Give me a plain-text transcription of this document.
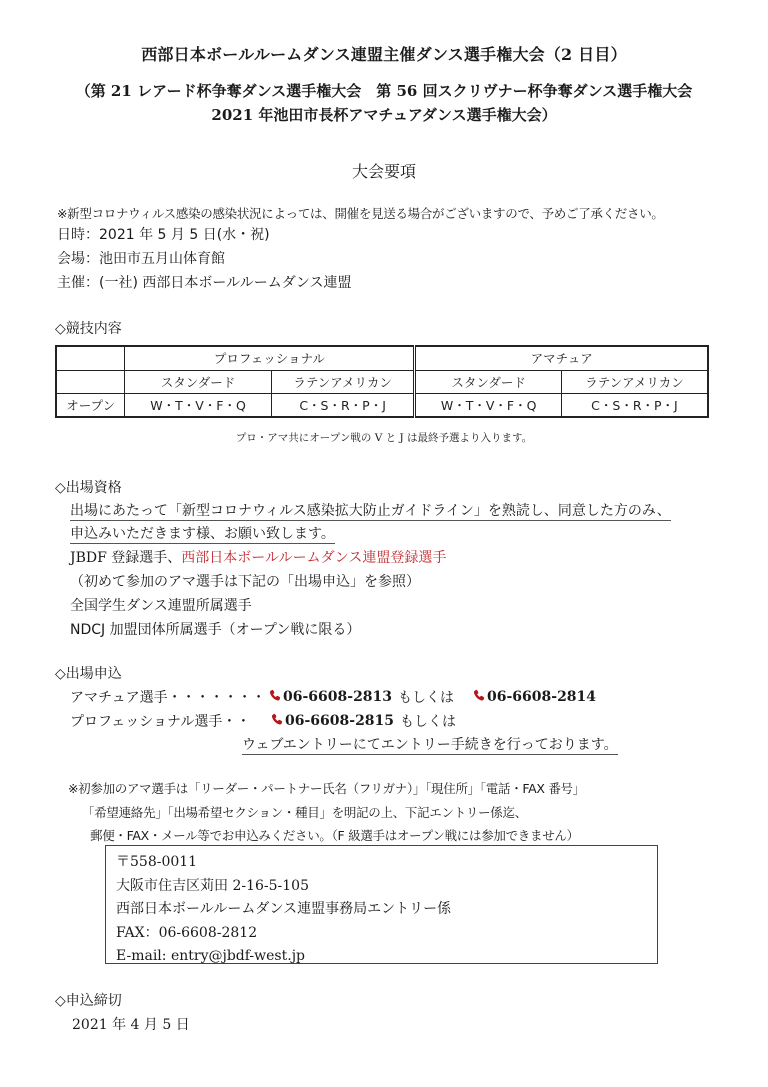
西部日本ボールルームダンス連盟主催ダンス選手権大会（2 日目）
（第 21 レアード杯争奪ダンス選手権大会　第 56 回スクリヴナー杯争奪ダンス選手権大会
2021 年池田市長杯アマチュアダンス選手権大会）
大会要項
※新型コロナウィルス感染の感染状況によっては、開催を見送る場合がございますので、予めご了承ください。
日時：2021 年 5 月 5 日(水・祝)
会場：池田市五月山体育館
主催：(一社) 西部日本ボールルームダンス連盟
◇競技内容
	プロフェッショナル		アマチュア	
	スタンダード	ラテンアメリカン	スタンダード	ラテンアメリカン
オープン	W・T・V・F・Q	C・S・R・P・J	W・T・V・F・Q	C・S・R・P・J
プロ・アマ共にオープン戦の V と J は最終予選より入ります。
◇出場資格
出場にあたって「新型コロナウィルス感染拡大防止ガイドライン」を熟読し、同意した方のみ、
申込みいただきます様、お願い致します。
JBDF 登録選手、西部日本ボールルームダンス連盟登録選手
（初めて参加のアマ選手は下記の「出場申込」を参照）
全国学生ダンス連盟所属選手
NDCJ 加盟団体所属選手（オープン戦に限る）
◇出場申込
アマチュア選手・・・・・・・	06-6608-2813 もしくは	06-6608-2814
プロフェッショナル選手・・	06-6608-2815 もしくは
ウェブエントリーにてエントリー手続きを行っております。
※初参加のアマ選手は「リーダー・パートナー氏名（フリガナ）」「現住所」「電話・FAX 番号」
「希望連絡先」「出場希望セクション・種目」を明記の上、下記エントリー係迄、
郵便・FAX・メール等でお申込みください。（F 級選手はオープン戦には参加できません）
〒558-0011
大阪市住吉区苅田 2-16-5-105
西部日本ボールルームダンス連盟事務局エントリー係
FAX：06-6608-2812
E-mail: entry@jbdf-west.jp
◇申込締切
2021 年 4 月 5 日
